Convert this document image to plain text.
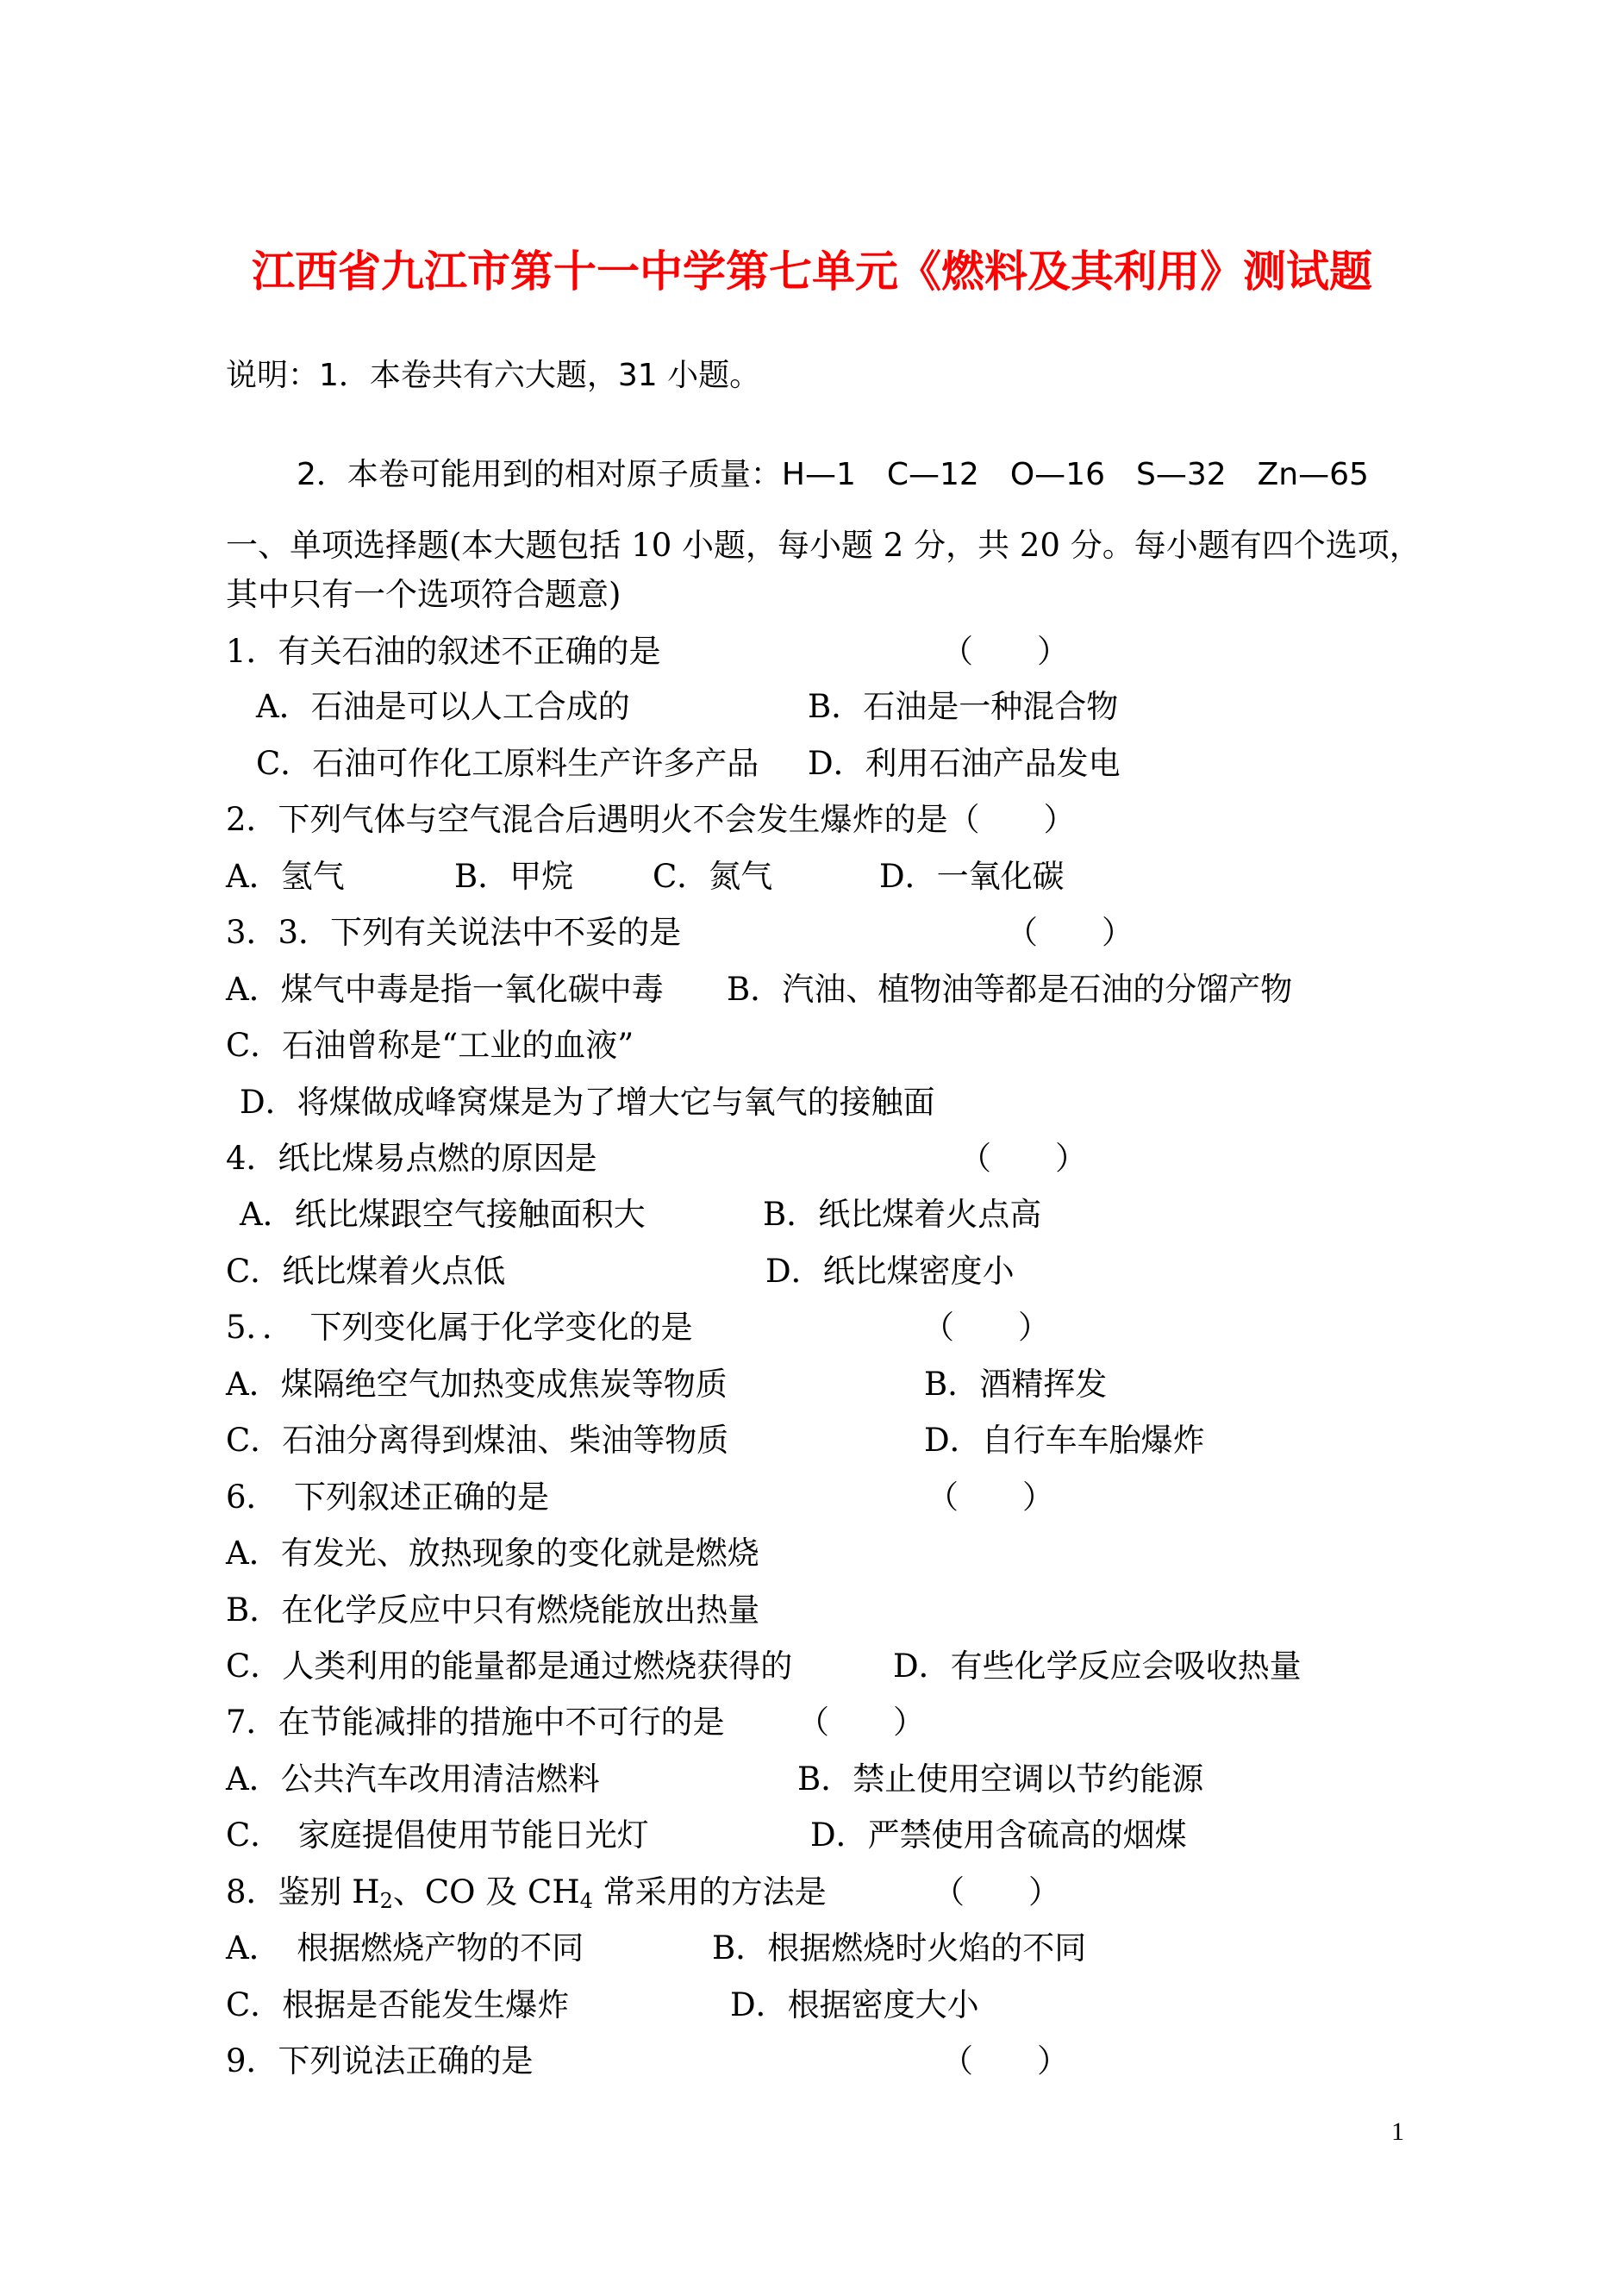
江西省九江市第十一中学第七单元《燃料及其利用》测试题
说明：1．本卷共有六大题，31 小题。
2．本卷可能用到的相对原子质量：H—1　C—12　O—16　S—32　Zn—65
一、单项选择题(本大题包括 10 小题，每小题 2 分，共 20 分。每小题有四个选项，
其中只有一个选项符合题意)
1．有关石油的叙述不正确的是	（　　）
A．石油是可以人工合成的	B．石油是一种混合物
C．石油可作化工原料生产许多产品 D．利用石油产品发电
2．下列气体与空气混合后遇明火不会发生爆炸的是（　　）
A．氢气	B．甲烷 C．氮气	D．一氧化碳
3．3．下列有关说法中不妥的是	（　　）
A．煤气中毒是指一氧化碳中毒 B．汽油、植物油等都是石油的分馏产物
C．石油曾称是“工业的血液”
D．将煤做成峰窝煤是为了增大它与氧气的接触面
4．纸比煤易点燃的原因是	（　　）
A．纸比煤跟空气接触面积大	B．纸比煤着火点高
C．纸比煤着火点低	D．纸比煤密度小
5．．　下列变化属于化学变化的是	（　　）
A．煤隔绝空气加热变成焦炭等物质	B．酒精挥发
C．石油分离得到煤油、柴油等物质	D．自行车车胎爆炸
6．　下列叙述正确的是	（　　）
A．有发光、放热现象的变化就是燃烧
B．在化学反应中只有燃烧能放出热量
C．人类利用的能量都是通过燃烧获得的	D．有些化学反应会吸收热量
7．在节能减排的措施中不可行的是 （　　）
A．公共汽车改用清洁燃料	B．禁止使用空调以节约能源
C．　家庭提倡使用节能日光灯	D．严禁使用含硫高的烟煤
8．鉴别 $H_2$、CO 及 $CH_4$ 常采用的方法是	（　　）
A．　根据燃烧产物的不同	B．根据燃烧时火焰的不同
C．根据是否能发生爆炸	D．根据密度大小
9．下列说法正确的是	（　　）
1
